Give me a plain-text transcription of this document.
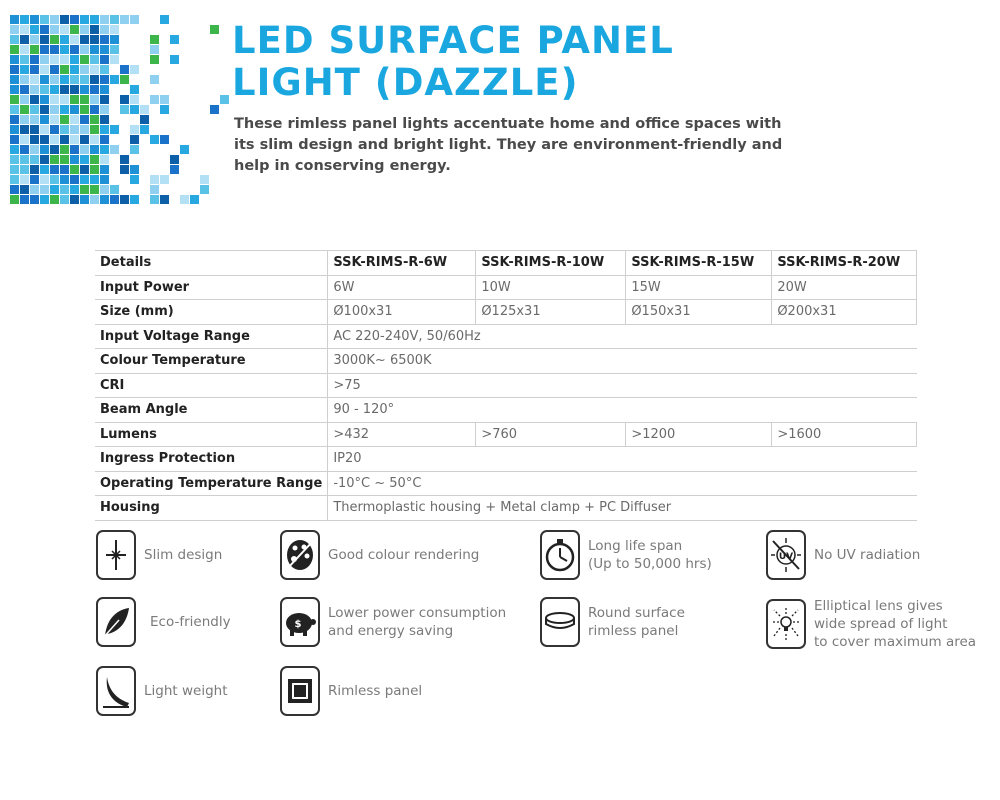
LED SURFACE PANEL
LIGHT (DAZZLE)

These rimless panel lights accentuate home and office spaces with its slim design and bright light. They are environment-friendly and help in conserving energy.

Details	SSK-RIMS-R-6W	SSK-RIMS-R-10W	SSK-RIMS-R-15W	SSK-RIMS-R-20W
Input Power	6W	10W	15W	20W
Size (mm)	Ø100x31	Ø125x31	Ø150x31	Ø200x31
Input Voltage Range	AC 220-240V, 50/60Hz			
Colour Temperature	3000K~ 6500K			
CRI	>75			
Beam Angle	90 - 120°			
Lumens	>432	>760	>1200	>1600
Ingress Protection	IP20			
Operating Temperature Range	-10°C ~ 50°C			
Housing	Thermoplastic housing + Metal clamp + PC Diffuser			
Slim design	Good colour rendering
Long life span
(Up to 50,000 hrs)	UV No UV radiation
Eco-friendly	$
Lower power consumption
and energy saving
Round surface
rimless panel
Elliptical lens gives
wide spread of light
to cover maximum area
Light weight	Rimless panel
